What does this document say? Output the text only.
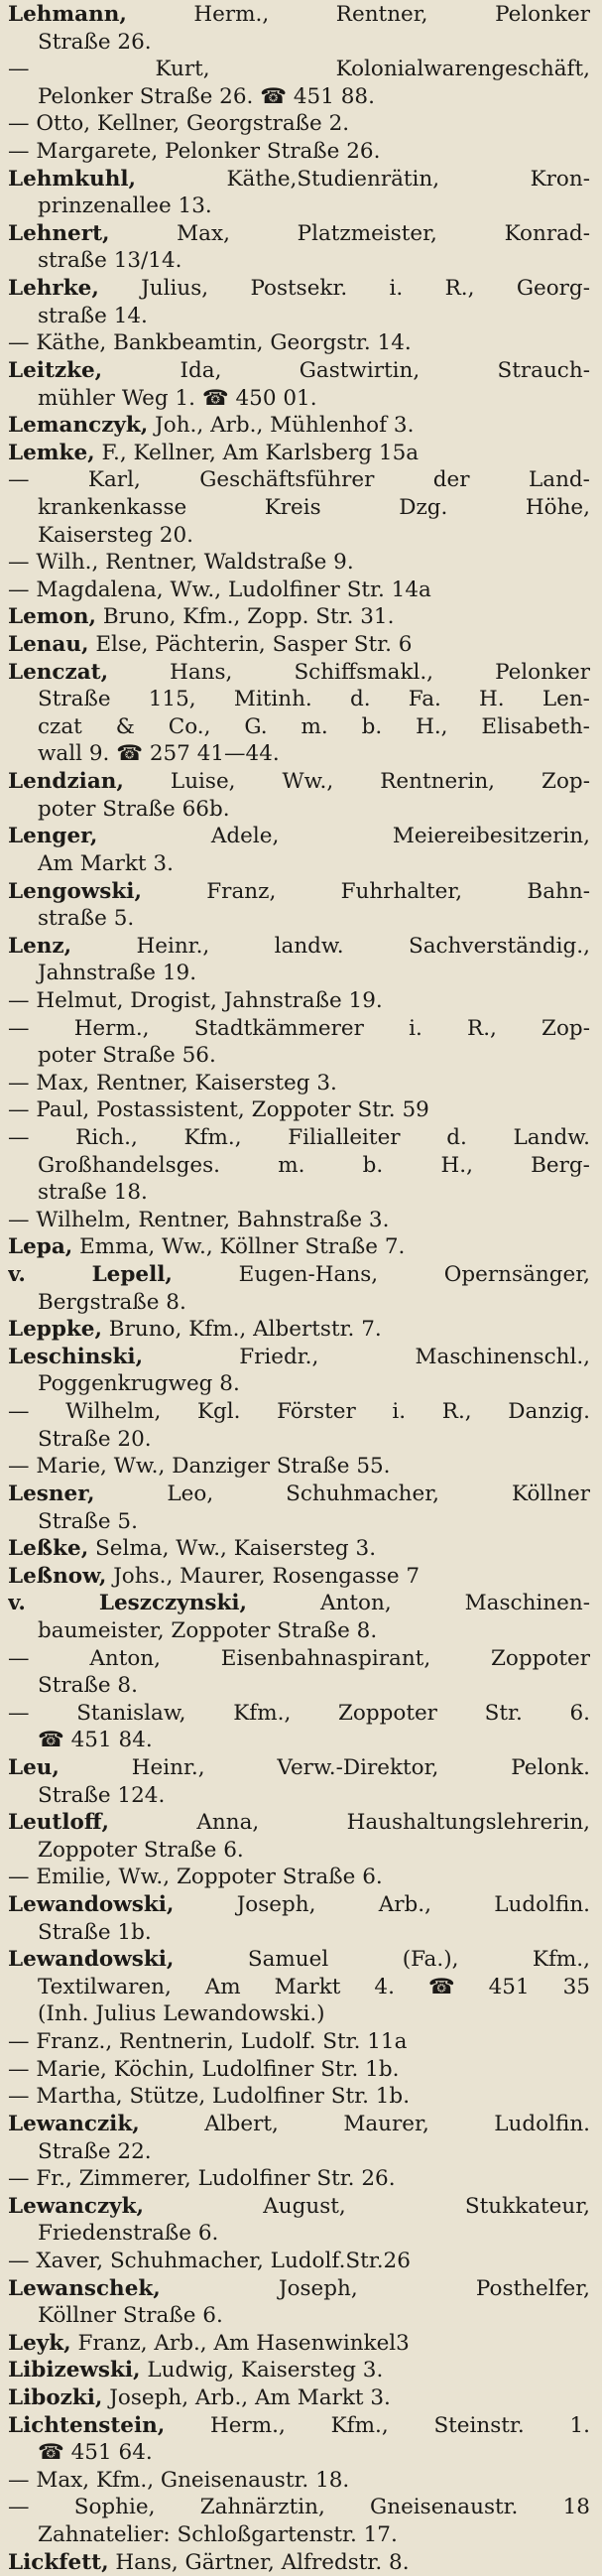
Lehmann,	Herm.,	Rentner,	Pelonker
Straße
26.
—	Kurt,	Kolonialwarengeschäft,
Pelonker
Straße
26.
☎
451
88.
—
Otto,
Kellner,
Georgstraße
2.
—
Margarete,
Pelonker
Straße
26.
Lehmkuhl,	Käthe,Studienrätin,	Kron-
prinzenallee
13.
Lehnert,	Max,	Platzmeister,	Konrad-
straße
13/14.
Lehrke, Julius, Postsekr. i. R., Georg-
straße
14.
—
Käthe,
Bankbeamtin,
Georgstr.
14.
Leitzke,	Ida,	Gastwirtin,	Strauch-
mühler
Weg
1.
☎
450
01.
Lemanczyk,
Joh.,
Arb.,
Mühlenhof
3.
Lemke,
F.,
Kellner,
Am
Karlsberg
15a
—	Karl,	Geschäftsführer	der	Land-
krankenkasse	Kreis	Dzg.	Höhe,
Kaisersteg
20.
—
Wilh.,
Rentner,
Waldstraße
9.
—
Magdalena,
Ww.,
Ludolfiner
Str.
14a
Lemon,
Bruno,
Kfm.,
Zopp.
Str.
31.
Lenau,
Else,
Pächterin,
Sasper
Str.
6
Lenczat,	Hans,	Schiffsmakl.,	Pelonker
Straße 115, Mitinh. d. Fa. H. Len-
czat & Co., G. m. b. H., Elisabeth-
wall
9.
☎
257
41—44.
Lendzian, Luise, Ww., Rentnerin, Zop-
poter
Straße
66b.
Lenger,	Adele,	Meiereibesitzerin,
Am
Markt
3.
Lengowski,	Franz,	Fuhrhalter,	Bahn-
straße
5.
Lenz,	Heinr.,	landw.	Sachverständig.,
Jahnstraße
19.
—
Helmut,
Drogist,
Jahnstraße
19.
— Herm., Stadtkämmerer i. R., Zop-
poter
Straße
56.
—
Max,
Rentner,
Kaisersteg
3.
—
Paul,
Postassistent,
Zoppoter
Str.
59
— Rich., Kfm., Filialleiter d. Landw.
Großhandelsges.	m.	b.	H.,	Berg-
straße
18.
—
Wilhelm,
Rentner,
Bahnstraße
3.
Lepa,
Emma,
Ww.,
Köllner
Straße
7.
v.	Lepell,	Eugen-Hans,	Opernsänger,
Bergstraße
8.
Leppke,
Bruno,
Kfm.,
Albertstr.
7.
Leschinski,	Friedr.,	Maschinenschl.,
Poggenkrugweg
8.
— Wilhelm, Kgl. Förster i. R., Danzig.
Straße
20.
—
Marie,
Ww.,
Danziger
Straße
55.
Lesner,	Leo,	Schuhmacher,	Köllner
Straße
5.
Leßke,
Selma,
Ww.,
Kaisersteg
3.
Leßnow,
Johs.,
Maurer,
Rosengasse
7
v.	Leszczynski,	Anton,	Maschinen-
baumeister,
Zoppoter
Straße
8.
—	Anton,	Eisenbahnaspirant,	Zoppoter
Straße
8.
— Stanislaw, Kfm., Zoppoter Str. 6.
☎
451
84.
Leu,	Heinr.,	Verw.-Direktor,	Pelonk.
Straße
124.
Leutloff,	Anna,	Haushaltungslehrerin,
Zoppoter
Straße
6.
—
Emilie,
Ww.,
Zoppoter
Straße
6.
Lewandowski,	Joseph,	Arb.,	Ludolfin.
Straße
1b.
Lewandowski,	Samuel	(Fa.),	Kfm.,
Textilwaren, Am Markt 4. ☎ 451 35
(Inh.
Julius
Lewandowski.)
—
Franz.,
Rentnerin,
Ludolf.
Str.
11a
—
Marie,
Köchin,
Ludolfiner
Str.
1b.
—
Martha,
Stütze,
Ludolfiner
Str.
1b.
Lewanczik,	Albert,	Maurer,	Ludolfin.
Straße
22.
—
Fr.,
Zimmerer,
Ludolfiner
Str.
26.
Lewanczyk,	August,	Stukkateur,
Friedenstraße
6.
—
Xaver,
Schuhmacher,
Ludolf.Str.26
Lewanschek,	Joseph,	Posthelfer,
Köllner
Straße
6.
Leyk,
Franz,
Arb.,
Am
Hasenwinkel3
Libizewski,
Ludwig,
Kaisersteg
3.
Libozki,
Joseph,
Arb.,
Am
Markt
3.
Lichtenstein, Herm., Kfm., Steinstr. 1.
☎
451
64.
—
Max,
Kfm.,
Gneisenaustr.
18.
— Sophie, Zahnärztin, Gneisenaustr. 18
Zahnatelier:
Schloßgartenstr.
17.
Lickfett,
Hans,
Gärtner,
Alfredstr.
8.
